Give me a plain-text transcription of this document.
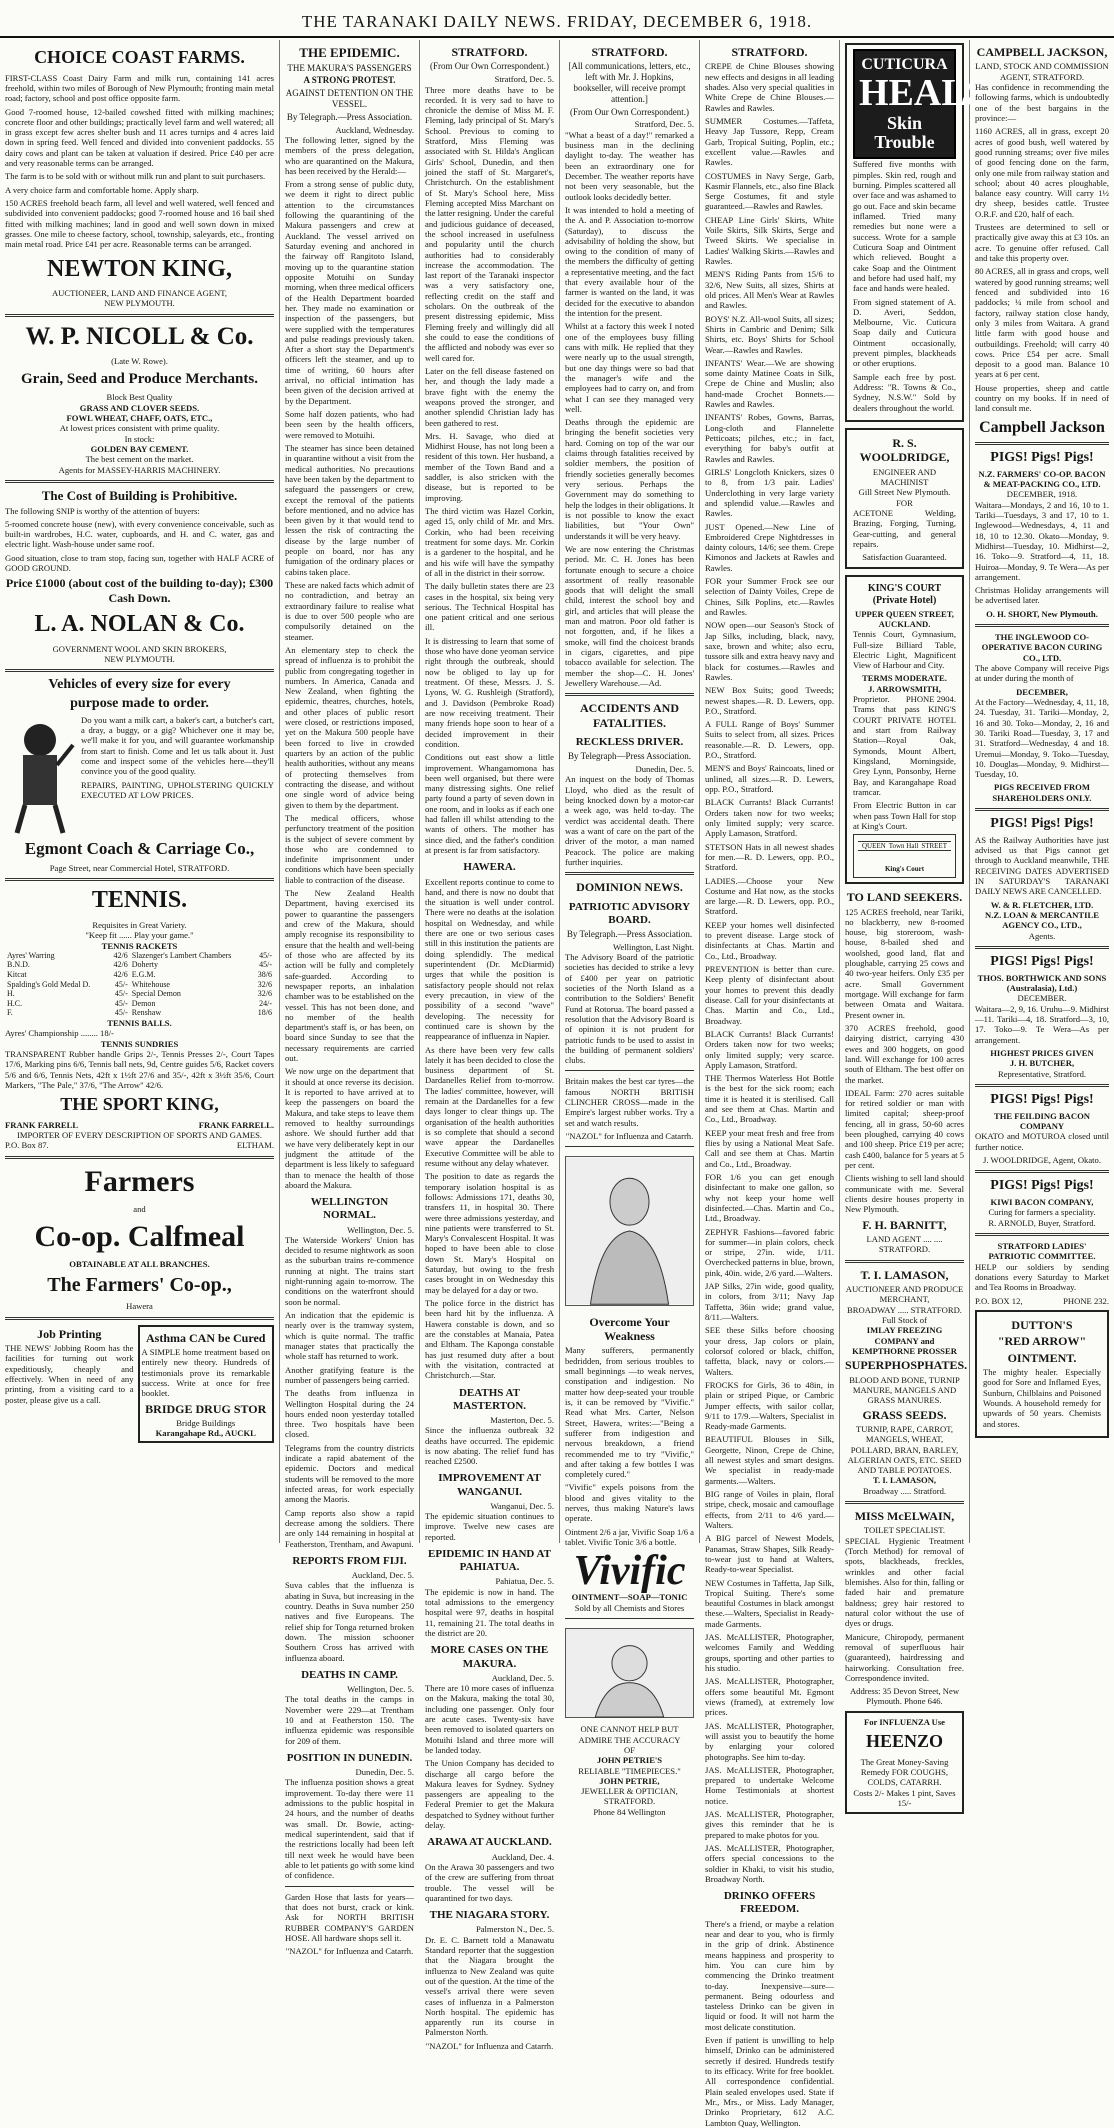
THE TARANAKI DAILY NEWS. FRIDAY, DECEMBER 6, 1918.
CHOICE COAST FARMS.

FIRST-CLASS Coast Dairy Farm and milk run, containing 141 acres freehold, within two miles of Borough of New Plymouth; fronting main metal road; factory, school and post office opposite farm.

Good 7-roomed house, 12-bailed cowshed fitted with milking machines; concrete floor and other buildings; practically level farm and well watered; all in grass except few acres shelter bush and 11 acres turnips and 4 acres laid down in spring feed. Well fenced and divided into convenient paddocks. 55 dairy cows and plant can be taken at valuation if desired. Price £40 per acre and very reasonable terms can be arranged.

The farm is to be sold with or without milk run and plant to suit purchasers.

A very choice farm and comfortable home. Apply sharp.

150 ACRES freehold beach farm, all level and well watered, well fenced and subdivided into convenient paddocks; good 7-roomed house and 16 bail shed fitted with milking machines; land in good and well sown down in mixed grasses. One mile to cheese factory, school, township, saleyards, etc., fronting main metal road. Price £41 per acre. Reasonable terms can be arranged.

NEWTON KING,
AUCTIONEER, LAND AND FINANCE AGENT,
NEW PLYMOUTH.
W. P. NICOLL & Co.
(Late W. Rowe).
Grain, Seed and Produce Merchants.
Block Best Quality
GRASS AND CLOVER SEEDS.
FOWL WHEAT, CHAFF, OATS, ETC.,
At lowest prices consistent with prime quality.
In stock:
GOLDEN BAY CEMENT.
The best cement on the market.
Agents for MASSEY-HARRIS MACHINERY.
The Cost of Building is Prohibitive.

The following SNIP is worthy of the attention of buyers:

5-roomed concrete house (new), with every convenience conceivable, such as built-in wardrobes, H.C. water, cupboards, and H. and C. water, gas and electric light. Wash-house under same roof.

Good situation, close to tram stop, facing sun, together with HALF ACRE of GOOD GROUND.

Price £1000 (about cost of the building to-day); £300 Cash Down.
L. A. NOLAN & Co.
GOVERNMENT WOOL AND SKIN BROKERS,
NEW PLYMOUTH.
Vehicles of every size for every
purpose made to order.

Do you want a milk cart, a baker's cart, a butcher's cart, a dray, a buggy, or a gig? Whichever one it may be, we'll make it for you, and will guarantee workmanship from start to finish. Come and let us talk about it. Just come and inspect some of the vehicles here—they'll convince you of the good quality.

REPAIRS, PAINTING, UPHOLSTERING QUICKLY EXECUTED AT LOW PRICES.

Egmont Coach & Carriage Co.,
Page Street, near Commercial Hotel, STRATFORD.
TENNIS.
Requisites in Great Variety.
"Keep fit ...... Play your game."
TENNIS RACKETS
Ayres' Warring	42/6	Slazenger's Lambert Chambers	45/-
B.N.D.	42/6	Doherty	45/-
Kitcat	42/6	E.G.M.	38/6
Spalding's Gold Medal D.	45/-	Whitehouse	32/6
H.	45/-	Special Demon	32/6
H.C.	45/-	Demon	24/-
F.	45/-	Renshaw	18/6
TENNIS BALLS.
Ayres' Championship ........ 18/-
TENNIS SUNDRIES

TRANSPARENT Rubber handle Grips 2/-, Tennis Presses 2/-, Court Tapes 17/6, Marking pins 6/6, Tennis ball nets, 9d, Centre guides 5/6, Racket covers 5/6 and 6/6, Tennis Nets, 42ft x 1½ft 27/6 and 35/-, 42ft x 3½ft 35/6, Court Markers, "The Pale," 37/6, "The Arrow" 42/6.

THE SPORT KING,
FRANK FARRELL	FRANK FARRELL.
IMPORTER OF EVERY DESCRIPTION OF SPORTS AND GAMES.
P.O. Box 87.	ELTHAM.
Farmers
and
Co-op. Calfmeal
OBTAINABLE AT ALL BRANCHES.
The Farmers' Co-op.,
Hawera
Job Printing

THE NEWS' Jobbing Room has the facilities for turning out work expeditiously, cheaply and effectively. When in need of any printing, from a visiting card to a poster, please give us a call.

Asthma CAN be Cured

A SIMPLE home treatment based on entirely new theory. Hundreds of testimonials prove its remarkable success. Write at once for free booklet.

BRIDGE DRUG STOR
Bridge Buildings
Karangahape Rd., AUCKL
THE EPIDEMIC.
THE MAKURA'S PASSENGERS
A STRONG PROTEST.
AGAINST DETENTION ON THE VESSEL.
By Telegraph.—Press Association.
Auckland, Wednesday.

The following letter, signed by the members of the press delegation, who are quarantined on the Makura, has been received by the Herald:—

From a strong sense of public duty, we deem it right to direct public attention to the circumstances following the quarantining of the Makura passengers and crew at Auckland. The vessel arrived on Saturday evening and anchored in the fairway off Rangitoto Island, moving up to the quarantine station opposite Motuihi on Sunday morning, when three medical officers of the Health Department boarded her. They made no examination or inspection of the passengers, but were supplied with the temperatures and pulse readings previously taken. After a short stay the Department's officers left the steamer, and up to time of writing, 60 hours after arrival, no official intimation has been given of the decision arrived at by the Department.

Some half dozen patients, who had been seen by the health officers, were removed to Motuihi.

The steamer has since been detained in quarantine without a visit from the medical authorities. No precautions have been taken by the department to safeguard the passengers or crew, except the removal of the patients before mentioned, and no advice has been given by it that would tend to lessen the risk of contracting the disease by the large number of people on board, nor has any fumigation of the ordinary places or cabins taken place.

These are naked facts which admit of no contradiction, and betray an extraordinary failure to realise what is due to over 500 people who are compulsorily detained on the steamer.

An elementary step to check the spread of influenza is to prohibit the public from congregating together in numbers. In America, Canada and New Zealand, when fighting the epidemic, theatres, churches, hotels, and other places of public resort were closed, or restrictions imposed, yet on the Makura 500 people have been forced to live in crowded quarters by an action of the public health authorities, without any means of protecting themselves from contracting the disease, and without one single word of advice being given to them by the department.

The medical officers, whose perfunctory treatment of the position is the subject of severe comment by those who are condemned to indefinite imprisonment under conditions which have been specially liable to contraction of the disease.

The New Zealand Health Department, having exercised its power to quarantine the passengers and crew of the Makura, should amply recognise its responsibility to ensure that the health and well-being of those who are affected by its action will be fully and completely safe-guarded. According to newspaper reports, an inhalation chamber was to be established on the vessel. This has not been done, and no member of the health department's staff is, or has been, on board since Sunday to see that the necessary requirements are carried out.

We now urge on the department that it should at once reverse its decision. It is reported to have arrived at to keep the passengers on board the Makura, and take steps to leave them removed to healthy surroundings ashore. We should further add that we have very deliberately kept in our judgment the attitude of the department is less likely to safeguard than to menace the health of those aboard the Makura.

WELLINGTON NORMAL.
Wellington, Dec. 5.

The Waterside Workers' Union has decided to resume nightwork as soon as the suburban trains re-commence running at night. The trains start night-running again to-morrow. The conditions on the waterfront should soon be normal.

An indication that the epidemic is nearly over is the tramway system, which is quite normal. The traffic manager states that practically the whole staff has returned to work.

Another gratifying feature is the number of passengers being carried.

The deaths from influenza in Wellington Hospital during the 24 hours ended noon yesterday totalled three. Two hospitals have been closed.

Telegrams from the country districts indicate a rapid abatement of the epidemic. Doctors and medical students will be removed to the more infected areas, for work especially among the Maoris.

Camp reports also show a rapid decrease among the soldiers. There are only 144 remaining in hospital at Featherston, Trentham, and Awapuni.

REPORTS FROM FIJI.
Auckland, Dec. 5.

Suva cables that the influenza is abating in Suva, but increasing in the country. Deaths in Suva number 250 natives and five Europeans. The relief ship for Tonga returned broken down. The mission schooner Southern Cross has arrived with influenza aboard.

DEATHS IN CAMP.
Wellington, Dec. 5.

The total deaths in the camps in November were 229—at Trentham 10 and at Featherston 150. The influenza epidemic was responsible for 209 of them.

POSITION IN DUNEDIN.
Dunedin, Dec. 5.

The influenza position shows a great improvement. To-day there were 11 admissions to the public hospital in 24 hours, and the number of deaths was small. Dr. Bowie, acting-medical superintendent, said that if the restrictions locally had been left till next week he would have been able to let patients go with some kind of confidence.

Garden Hose that lasts for years—that does not burst, crack or kink. Ask for NORTH BRITISH RUBBER COMPANY'S GARDEN HOSE. All hardware shops sell it.

"NAZOL" for Influenza and Catarrh.
STRATFORD.
(From Our Own Correspondent.)
Stratford, Dec. 5.

Three more deaths have to be recorded. It is very sad to have to chronicle the demise of Miss M. F. Fleming, lady principal of St. Mary's School. Previous to coming to Stratford, Miss Fleming was associated with St. Hilda's Anglican Girls' School, Dunedin, and then joined the staff of St. Margaret's, Christchurch. On the establishment of St. Mary's School here, Miss Fleming accepted Miss Marchant on the latter resigning. Under the careful and judicious guidance of deceased, the school increased in usefulness and popularity until the church authorities had to considerably increase the accommodation. The last report of the Taranaki inspector was a very satisfactory one, reflecting credit on the staff and scholars. On the outbreak of the present distressing epidemic, Miss Fleming freely and willingly did all she could to ease the conditions of the afflicted and nobody was ever so well cared for.

Later on the fell disease fastened on her, and though the lady made a brave fight with the enemy the weapons proved the stronger, and another splendid Christian lady has been gathered to rest.

Mrs. H. Savage, who died at Midhirst House, has not long been a resident of this town. Her husband, a member of the Town Band and a saddler, is also stricken with the disease, but is reported to be improving.

The third victim was Hazel Corkin, aged 15, only child of Mr. and Mrs. Corkin, who had been receiving treatment for some days. Mr. Corkin is a gardener to the hospital, and he and his wife will have the sympathy of all in the district in their sorrow.

The daily bulletin states there are 23 cases in the hospital, six being very serious. The Technical Hospital has one patient critical and one serious ill.

It is distressing to learn that some of those who have done yeoman service right through the outbreak, should now be obliged to lay up for treatment. Of these, Messrs. J. S. Lyons, W. G. Rushleigh (Stratford), and J. Davidson (Pembroke Road) are now receiving treatment. Their many friends hope soon to hear of a decided improvement in their condition.

Conditions out east show a little improvement. Whangamomona has been well organised, but there were many distressing sights. One relief party found a party of seven down in one room, and in looks as if each one had fallen ill whilst attending to the wants of others. The mother has since died, and the father's condition at present is far from satisfactory.

HAWERA.

Excellent reports continue to come to hand, and there is now no doubt that the situation is well under control. There were no deaths at the isolation hospital on Wednesday, and while there are one or two serious cases still in this institution the patients are doing splendidly. The medical superintendent (Dr. McDiarmid) urges that while the position is satisfactory people should not relax every precaution, in view of the possibility of a second "wave" developing. The necessity for continued care is shown by the reappearance of influenza in Napier.

As there have been very few calls lately it has been decided to close the business department of St. Dardanelles Relief from to-morrow. The ladies' committee, however, will remain at the Dardanelles for a few days longer to clear things up. The organisation of the health authorities is so complete that should a second wave appear the Dardanelles Executive Committee will be able to resume without any delay whatever.

The position to date as regards the temporary isolation hospital is as follows: Admissions 171, deaths 30, transfers 11, in hospital 30. There were three admissions yesterday, and nine patients were transferred to St. Mary's Convalescent Hospital. It was hoped to have been able to close down St. Mary's Hospital on Saturday, but owing to the fresh cases brought in on Wednesday this may be delayed for a day or two.

The police force in the district has been hard hit by the influenza. A Hawera constable is down, and so are the constables at Manaia, Patea and Eltham. The Kaponga constable has just resumed duty after a bout with the visitation, contracted at Christchurch.—Star.

DEATHS AT MASTERTON.
Masterton, Dec. 5.

Since the influenza outbreak 32 deaths have occurred. The epidemic is now abating. The relief fund has reached £2500.

IMPROVEMENT AT WANGANUI.
Wanganui, Dec. 5.

The epidemic situation continues to improve. Twelve new cases are reported.

EPIDEMIC IN HAND AT PAHIATUA.
Pahiatua, Dec. 5.

The epidemic is now in hand. The total admissions to the emergency hospital were 97, deaths in hospital 11, remaining 21. The total deaths in the district are 20.

MORE CASES ON THE MAKURA.
Auckland, Dec. 5.

There are 10 more cases of influenza on the Makura, making the total 30, including one passenger. Only four are acute cases. Twenty-six have been removed to isolated quarters on Motuihi Island and three more will be landed today.

The Union Company has decided to discharge all cargo before the Makura leaves for Sydney. Sydney passengers are appealing to the Federal Premier to get the Makura despatched to Sydney without further delay.

ARAWA AT AUCKLAND.
Auckland, Dec. 4.

On the Arawa 30 passengers and two of the crew are suffering from throat trouble. The vessel will be quarantined for two days.

THE NIAGARA STORY.
Palmerston N., Dec. 5.

Dr. E. C. Barnett told a Manawatu Standard reporter that the suggestion that the Niagara brought the influenza to New Zealand was quite out of the question. At the time of the vessel's arrival there were seven cases of influenza in a Palmerston North hospital. The epidemic has apparently run its course in Palmerston North.

"NAZOL" for Influenza and Catarrh.
STRATFORD.
[All communications, letters, etc., left with Mr. J. Hopkins, bookseller, will receive prompt attention.]
(From Our Own Correspondent.)
Stratford, Dec. 5.

"What a beast of a day!" remarked a business man in the declining daylight to-day. The weather has been an extraordinary one for December. The weather reports have not been very seasonable, but the outlook looks decidedly better.

It was intended to hold a meeting of the A. and P. Association to-morrow (Saturday), to discuss the advisability of holding the show, but owing to the condition of many of the members the difficulty of getting a representative meeting, and the fact that every available hour of the farmer is wanted on the land, it was decided for the executive to abandon the intention for the present.

Whilst at a factory this week I noted one of the employees busy filling cans with milk. He replied that they were nearly up to the usual strength, but one day things were so bad that the manager's wife and the employees had to carry on, and from what I can see they managed very well.

Deaths through the epidemic are bringing the benefit societies very hard. Coming on top of the war our claims through fatalities received by soldier members, the position of friendly societies generally becomes very serious. Perhaps the Government may do something to help the lodges in their obligations. It is not possible to know the exact liabilities, but "Your Own" understands it will be very heavy.

We are now entering the Christmas period. Mr. C. H. Jones has been fortunate enough to secure a choice assortment of really reasonable goods that will delight the small child, interest the school boy and girl, and articles that will please the man and matron. Poor old father is not forgotten, and, if he likes a smoke, will find the choicest brands in cigars, cigarettes, and pipe tobacco available for selection. The member the shop—C. H. Jones' Jewellery Warehouse.—Ad.

ACCIDENTS AND FATALITIES.
RECKLESS DRIVER.
By Telegraph—Press Association.
Dunedin, Dec. 5.

An inquest on the body of Thomas Lloyd, who died as the result of being knocked down by a motor-car a week ago, was held to-day. The verdict was accidental death. There was a want of care on the part of the driver of the motor, a man named Peacock. The police are making further inquiries.

DOMINION NEWS.
PATRIOTIC ADVISORY BOARD.
By Telegraph.—Press Association.
Wellington, Last Night.

The Advisory Board of the patriotic societies has decided to strike a levy of £400 per year on patriotic societies of the North Island as a contribution to the Soldiers' Benefit Fund at Rotorua. The board passed a resolution that the Advisory Board is of opinion it is not prudent for patriotic funds to be used to assist in the building of permanent soldiers' clubs.

Britain makes the best car tyres—the famous NORTH BRITISH CLINCHER CROSS—made in the Empire's largest rubber works. Try a set and watch results.

"NAZOL" for Influenza and Catarrh.
Overcome Your Weakness

Many sufferers, permanently bedridden, from serious troubles to small beginnings —to weak nerves, constipation and indigestion. No matter how deep-seated your trouble is, it can be removed by "Vivific." Read what Mrs. Carter, Nelson Street, Hawera, writes:—"Being a sufferer from indigestion and nervous breakdown, a friend recommended me to try "Vivific," and after taking a few bottles I was completely cured."

"Vivific" expels poisons from the blood and gives vitality to the nerves, thus making Nature's laws operate.

Ointment 2/6 a jar, Vivific Soap 1/6 a tablet. Vivific Tonic 3/6 a bottle.

Vivific
OINTMENT—SOAP—TONIC
Sold by all Chemists and Stores
ONE CANNOT HELP BUT ADMIRE THE ACCURACY
OF
JOHN PETRIE'S
RELIABLE "TIMEPIECES."
JOHN PETRIE,
JEWELLER & OPTICIAN,
STRATFORD.
Phone 84 Wellington
STRATFORD.

CREPE de Chine Blouses showing new effects and designs in all leading shades. Also very special qualities in White Crepe de Chine Blouses.—Rawles and Rawles.

SUMMER Costumes.—Taffeta, Heavy Jap Tussore, Repp, Cream Garb, Tropical Suiting, Poplin, etc.; excellent value.—Rawles and Rawles.

COSTUMES in Navy Serge, Garb, Kasmir Flannels, etc., also fine Black Serge Costumes, fit and style guaranteed.—Rawles and Rawles.

CHEAP Line Girls' Skirts, White Voile Skirts, Silk Skirts, Serge and Tweed Skirts. We specialise in Ladies' Walking Skirts.—Rawles and Rawles.

MEN'S Riding Pants from 15/6 to 32/6, New Suits, all sizes, Shirts at old prices. All Men's Wear at Rawles and Rawles.

BOYS' N.Z. All-wool Suits, all sizes; Shirts in Cambric and Denim; Silk Shirts, etc. Boys' Shirts for School Wear.—Rawles and Rawles.

INFANTS' Wear.—We are showing some dainty Matinee Coats in Silk, Crepe de Chine and Muslin; also hand-made Crochet Bonnets.—Rawles and Rawles.

INFANTS' Robes, Gowns, Barras, Long-cloth and Flannelette Petticoats; pilches, etc.; in fact, everything for baby's outfit at Rawles and Rawles.

GIRLS' Longcloth Knickers, sizes 0 to 8, from 1/3 pair. Ladies' Underclothing in very large variety and splendid value.—Rawles and Rawles.

JUST Opened.—New Line of Embroidered Crepe Nightdresses in dainty colours, 14/6; see them. Crepe Kimonos and Jackets at Rawles and Rawles.

FOR your Summer Frock see our selection of Dainty Voiles, Crepe de Chines, Silk Poplins, etc.—Rawles and Rawles.

NOW open—our Season's Stock of Jap Silks, including, black, navy, saxe, brown and white; also ecru, tussore silk and extra heavy navy and black for costumes.—Rawles and Rawles.

NEW Box Suits; good Tweeds; newest shapes.—R. D. Lewers, opp. P.O., Stratford.

A FULL Range of Boys' Summer Suits to select from, all sizes. Prices reasonable.—R. D. Lewers, opp. P.O., Stratford.

MEN'S and Boys' Raincoats, lined or unlined, all sizes.—R. D. Lewers, opp. P.O., Stratford.

BLACK Currants! Black Currants! Orders taken now for two weeks; only limited supply; very scarce. Apply Lamason, Stratford.

STETSON Hats in all newest shades for men.—R. D. Lewers, opp. P.O., Stratford.

LADIES.—Choose your New Costume and Hat now, as the stocks are large.—R. D. Lewers, opp. P.O., Stratford.

KEEP your homes well disinfected to prevent disease. Large stock of disinfectants at Chas. Martin and Co., Ltd., Broadway.

PREVENTION is better than cure. Keep plenty of disinfectant about your homes to prevent this deadly disease. Call for your disinfectants at Chas. Martin and Co., Ltd., Broadway.

BLACK Currants! Black Currants! Orders taken now for two weeks; only limited supply; very scarce. Apply Lamason, Stratford.

THE Thermos Waterless Hot Bottle is the best for the sick room; each time it is heated it is sterilised. Call and see them at Chas. Martin and Co., Ltd., Broadway.

KEEP your meat fresh and free from flies by using a National Meat Safe. Call and see them at Chas. Martin and Co., Ltd., Broadway.

FOR 1/6 you can get enough disinfectant to make one gallon, so why not keep your home well disinfected.—Chas. Martin and Co., Ltd., Broadway.

ZEPHYR Fashions—favored fabric for summer—in plain colors, check or stripe, 27in. wide, 1/11. Overchecked patterns in blue, brown, pink, 40in. wide, 2/6 yard.—Walters.

JAP Silks, 27in wide, good quality, in colors, from 3/11; Navy Jap Taffetta, 36in wide; grand value, 8/11.—Walters.

SEE these Silks before choosing your dress, Jap colors or plain, colorsof colored or black, chiffon, taffetta, black, navy or colors.—Walters.

FROCKS for Girls, 36 to 48in, in plain or striped Pique, or Cambric Jumper effects, with sailor collar, 9/11 to 17/9.—Walters, Specialist in Ready-made Garments.

BEAUTIFUL Blouses in Silk, Georgette, Ninon, Crepe de Chine, all newest styles and smart designs. We specialist in ready-made garments.—Walters.

BIG range of Voiles in plain, floral stripe, check, mosaic and camouflage effects, from 2/11 to 4/6 yard.—Walters.

A BIG parcel of Newest Models, Panamas, Straw Shapes, Silk Ready-to-wear just to hand at Walters, Ready-to-wear Specialist.

NEW Costumes in Taffetta, Jap Silk, Tropical Suiting. There's some beautiful Costumes in black amongst these.—Walters, Specialist in Ready-made Garments.

JAS. McALLISTER, Photographer, welcomes Family and Wedding groups, sporting and other parties to his studio.

JAS. McALLISTER, Photographer, offers some beautiful Mt. Egmont views (framed), at extremely low prices.

JAS. McALLISTER, Photographer, will assist you to beautify the home by enlarging your colored photographs. See him to-day.

JAS. McALLISTER, Photographer, prepared to undertake Welcome Home Testimonials at shortest notice.

JAS. McALLISTER, Photographer, gives this reminder that he is prepared to make photos for you.

JAS. McALLISTER, Photographer, offers special concessions to the soldier in Khaki, to visit his studio, Broadway North.

DRINKO OFFERS FREEDOM.

There's a friend, or maybe a relation near and dear to you, who is firmly in the grip of drink. Abstinence means happiness and prosperity to him. You can cure him by commencing the Drinko treatment to-day. Inexpensive—sure—permanent. Being odourless and tasteless Drinko can be given in liquid or food. It will not harm the most delicate constitution.

Even if patient is unwilling to help himself, Drinko can be administered secretly if desired. Hundreds testify to its efficacy. Write for free booklet. All correspondence confidential. Plain sealed envelopes used. State if Mr., Mrs., or Miss. Lady Manager, Drinko Proprietary, 612 A.C. Lambton Quay, Wellington.

CUTICURA
HEALS
Skin Trouble

Suffered five months with pimples. Skin red, rough and burning. Pimples scattered all over face and was ashamed to go out. Face and skin became inflamed. Tried many remedies but none were a success. Wrote for a sample Cuticura Soap and Ointment which relieved. Bought a cake Soap and the Ointment and before had used half, my face and hands were healed.

From signed statement of A. D. Averi, Seddon, Melbourne, Vic. Cuticura Soap daily and Cuticura Ointment occasionally, prevent pimples, blackheads or other eruptions.

Sample each free by post. Address: "R. Towns & Co., Sydney, N.S.W." Sold by dealers throughout the world.

R. S. WOOLDRIDGE,
ENGINEER AND MACHINIST
Gill Street New Plymouth.
FOR

ACETONE Welding, Brazing, Forging, Turning, Gear-cutting, and general repairs.

Satisfaction Guaranteed.
KING'S COURT (Private Hotel)
UPPER QUEEN STREET, AUCKLAND.

Tennis Court, Gymnasium, Full-size Billiard Table, Electric Light, Magnificent View of Harbour and City.

TERMS MODERATE.
J. ARROWSMITH,
Proprietor. PHONE 2904.

Trams that pass KING'S COURT PRIVATE HOTEL and start from Railway Station—Royal Oak, Symonds, Mount Albert, Kingsland, Morningside, Grey Lynn, Ponsonby, Herne Bay, and Karangahape Road tramcar.

From Electric Button in car when pass Town Hall for stop at King's Court.

QUEEN Town Hall STREET
King's Court
TO LAND SEEKERS.

125 ACRES freehold, near Tariki, no blackberry, new 8-roomed house, big storeroom, wash-house, 8-bailed shed and woolshed, good land, flat and ploughable, carrying 25 cows and 40 two-year heifers. Only £35 per acre. Small Government mortgage. Will exchange for farm between Omata and Waitara. Present owner in.

370 ACRES freehold, good dairying district, carrying 430 ewes and 300 hoggets, on good land. Will exchange for 100 acres south of Eltham. The best offer on the market.

IDEAL Farm: 270 acres suitable for retired soldier or man with limited capital; sheep-proof fencing, all in grass, 50-60 acres been ploughed, carrying 40 cows and 100 sheep. Price £19 per acre; cash £400, balance for 5 years at 5 per cent.

Clients wishing to sell land should communicate with me. Several clients desire houses property in New Plymouth.

F. H. BARNITT,
LAND AGENT .... .... STRATFORD.
T. I. LAMASON,
AUCTIONEER AND PRODUCE MERCHANT,
BROADWAY ..... STRATFORD.
Full Stock of
IMLAY FREEZING COMPANY and KEMPTHORNE PROSSER
SUPERPHOSPHATES.
BLOOD AND BONE, TURNIP MANURE, MANGELS AND GRASS MANURES.
GRASS SEEDS.
TURNIP, RAPE, CARROT, MANGELS, WHEAT, POLLARD, BRAN, BARLEY, ALGERIAN OATS, ETC. SEED AND TABLE POTATOES.
T. I. LAMASON,
Broadway ..... Stratford.
MISS McELWAIN,
TOILET SPECIALIST.

SPECIAL Hygienic Treatment (Torch Method) for removal of spots, blackheads, freckles, wrinkles and other facial blemishes. Also for thin, falling or faded hair and premature baldness; grey hair restored to natural color without the use of dyes or drugs.

Manicure, Chiropody, permanent removal of superfluous hair (guaranteed), hairdressing and hairworking. Consultation free. Correspondence invited.

Address: 35 Devon Street, New Plymouth. Phone 646.
For INFLUENZA Use
HEENZO
The Great Money-Saving Remedy FOR COUGHS, COLDS, CATARRH.
Costs 2/- Makes 1 pint, Saves 15/-
CAMPBELL JACKSON,
LAND, STOCK AND COMMISSION AGENT, STRATFORD.

Has confidence in recommending the following farms, which is undoubtedly one of the best bargains in the province:—

1160 ACRES, all in grass, except 20 acres of good bush, well watered by good running streams; over five miles of good fencing done on the farm, only one mile from railway station and school; about 40 acres ploughable, balance easy country. Will carry 1½ dry sheep, besides cattle. Trustee O.R.F. and £20, half of each.

Trustees are determined to sell or practically give away this at £3 10s. an acre. To genuine offer refused. Call and take this property over.

80 ACRES, all in grass and crops, well watered by good running streams; well fenced and subdivided into 16 paddocks; ¼ mile from school and factory, railway station close handy, only 3 miles from Waitara. A grand little farm with good house and outbuildings. Freehold; will carry 40 cows. Price £54 per acre. Small deposit to a good man. Balance 10 years at 6 per cent.

House properties, sheep and cattle country on my books. If in need of land consult me.

Campbell Jackson
PIGS! Pigs! Pigs!
N.Z. FARMERS' CO-OP. BACON & MEAT-PACKING CO., LTD.
DECEMBER, 1918.

Waitara—Mondays, 2 and 16, 10 to 1. Tariki—Tuesdays, 3 and 17, 10 to 1. Inglewood—Wednesdays, 4, 11 and 18, 10 to 12.30. Okato—Monday, 9. Midhirst—Tuesday, 10. Midhirst—2, 16. Toko—9. Stratford—4, 11, 18. Huiroa—Monday, 9. Te Wera—As per arrangement.

Christmas Holiday arrangements will be advertised later.

O. H. SHORT, New Plymouth.
THE INGLEWOOD CO-OPERATIVE BACON CURING CO., LTD.

The above Company will receive Pigs at under during the month of

DECEMBER,

At the Factory—Wednesday, 4, 11, 18, 24. Tuesday, 31. Tariki—Monday, 2, 16 and 30. Toko—Monday, 2, 16 and 30. Tariki Road—Tuesday, 3, 17 and 31. Stratford—Wednesday, 4 and 18. Uremui—Monday, 9. Toko—Tuesday, 10. Douglas—Monday, 9. Midhirst—Tuesday, 10.

PIGS RECEIVED FROM SHAREHOLDERS ONLY.
PIGS! Pigs! Pigs!

AS the Railway Authorities have just advised us that Pigs cannot get through to Auckland meanwhile, THE RECEIVING DATES ADVERTISED IN SATURDAY'S TARANAKI DAILY NEWS ARE CANCELLED.

W. & R. FLETCHER, LTD.
N.Z. LOAN & MERCANTILE AGENCY CO., LTD.,
Agents.
PIGS! Pigs! Pigs!
THOS. BORTHWICK AND SONS (Australasia), Ltd.)
DECEMBER.

Waitara—2, 9, 16. Uruhu—9. Midhirst—11. Tariki—4, 18. Stratford—3, 10, 17. Toko—9. Te Wera—As per arrangement.

HIGHEST PRICES GIVEN
J. H. BUTCHER,
Representative, Stratford.
PIGS! Pigs! Pigs!
THE FEILDING BACON COMPANY

OKATO and MOTUROA closed until further notice.

J. WOOLDRIDGE, Agent, Okato.
PIGS! Pigs! Pigs!
KIWI BACON COMPANY,
Curing for farmers a speciality.
R. ARNOLD, Buyer, Stratford.
STRATFORD LADIES' PATRIOTIC COMMITTEE.

HELP our soldiers by sending donations every Saturday to Market and Tea Rooms in Broadway.

P.O. BOX 12,	PHONE 232.
DUTTON'S
"RED ARROW"
OINTMENT.

The mighty healer. Especially good for Sore and Inflamed Eyes, Sunburn, Chilblains and Poisoned Wounds. A household remedy for upwards of 50 years. Chemists and stores.
